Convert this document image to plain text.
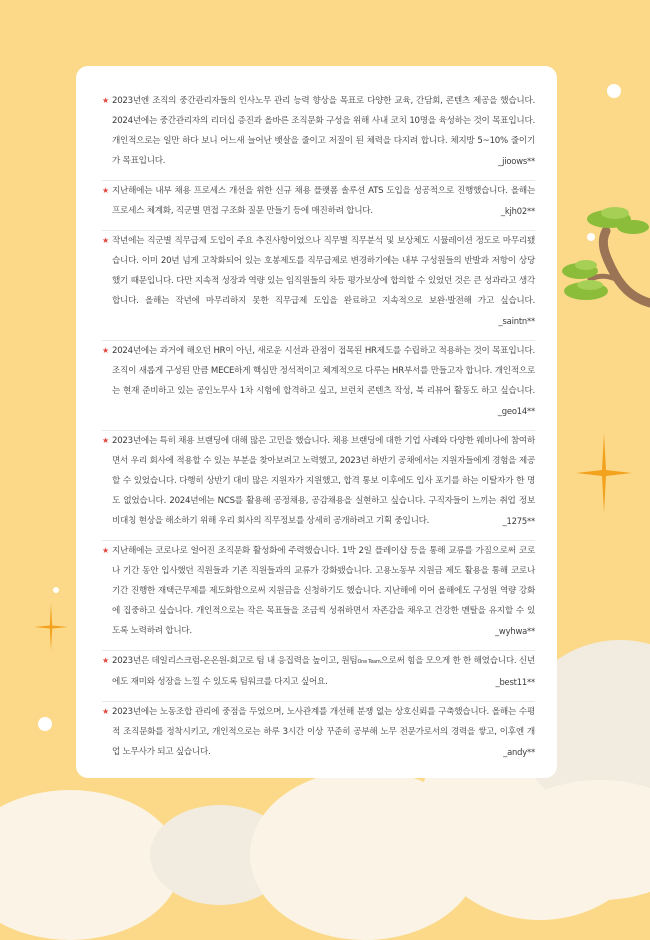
★ 2023년엔 조직의 중간관리자들의 인사노무 관리 능력 향상을 목표로 다양한 교육, 간담회, 콘텐츠 제공을 했습니다. 2024년에는 중간관리자의 리더십 증진과 올바른 조직문화 구성을 위해 사내 코치 10명을 육성하는 것이 목표입니다. 개인적으로는 일만 하다 보니 어느새 늘어난 뱃살을 줄이고 저질이 된 체력을 다지려 합니다. 체지방 5~10% 줄이기가 목표입니다.	_jioows**
★ 지난해에는 내부 채용 프로세스 개선을 위한 신규 채용 플랫폼 솔루션 ATS 도입을 성공적으로 진행했습니다. 올해는 프로세스 체계화, 직군별 면접 구조화 질문 만들기 등에 매진하려 합니다.	_kjh02**
★ 작년에는 직군별 직무급제 도입이 주요 추진사항이었으나 직무별 직무분석 및 보상체도 시뮬레이션 정도로 마무리됐습니다. 이미 20년 넘게 고착화되어 있는 호봉제도를 직무급제로 변경하기에는 내부 구성원들의 반발과 저항이 상당했기 때문입니다. 다만 지속적 성장과 역량 있는 임직원들의 차등 평가보상에 합의할 수 있었던 것은 큰 성과라고 생각합니다. 올해는 작년에 마무리하지 못한 직무급제 도입을 완료하고 지속적으로 보완·발전해 가고 싶습니다.

_saintn**
★ 2024년에는 과거에 해오던 HR이 아닌, 새로운 시선과 관점이 접목된 HR제도를 수립하고 적용하는 것이 목표입니다. 조직이 새롭게 구성된 만큼 MECE하게 핵심만 정석적이고 체계적으로 다루는 HR부서를 만들고자 합니다. 개인적으로는 현재 준비하고 있는 공인노무사 1차 시험에 합격하고 싶고, 브런치 콘텐츠 작성, 북 리뷰어 활동도 하고 싶습니다.

_geo14**
★ 2023년에는 특히 채용 브랜딩에 대해 많은 고민을 했습니다. 채용 브랜딩에 대한 기업 사례와 다양한 웨비나에 참여하면서 우리 회사에 적용할 수 있는 부분을 찾아보려고 노력했고, 2023년 하반기 공채에서는 지원자들에게 경험을 제공할 수 있었습니다. 다행히 상반기 대비 많은 지원자가 지원했고, 합격 통보 이후에도 입사 포기를 하는 이탈자가 한 명도 없었습니다. 2024년에는 NCS를 활용해 공정채용, 공감채용을 실현하고 싶습니다. 구직자들이 느끼는 취업 정보 비대칭 현상을 해소하기 위해 우리 회사의 직무정보를 상세히 공개하려고 기획 중입니다.	_1275**
★ 지난해에는 코로나로 얼어진 조직문화 활성화에 주력했습니다. 1박 2일 플레이샵 등을 통해 교류를 가짐으로써 코로나 기간 동안 입사했던 직원들과 기존 직원들과의 교류가 강화됐습니다. 고용노동부 지원금 제도 활용을 통해 코로나 기간 진행한 재택근무제를 제도화함으로써 지원금을 신청하기도 했습니다. 지난해에 이어 올해에도 구성원 역량 강화에 집중하고 싶습니다. 개인적으로는 작은 목표들을 조금씩 성취하면서 자존감을 채우고 건강한 멘탈을 유지할 수 있도록 노력하려 합니다.	_wyhwa**
★ 2023년은 데일리스크럼-온온원-회고로 팀 내 응집력을 높이고, 원팀One Team으로써 힘을 모으게 한 한 해였습니다. 신년에도 재미와 성장을 느낄 수 있도록 팀워크를 다지고 싶어요.	_best11**
★ 2023년에는 노동조합 관리에 중점을 두었으며, 노사관계를 개선해 분쟁 없는 상호신뢰를 구축했습니다. 올해는 수평적 조직문화를 정착시키고, 개인적으로는 하루 3시간 이상 꾸준히 공부해 노무 전문가로서의 경력을 쌓고, 이후엔 개업 노무사가 되고 싶습니다.	_andy**
